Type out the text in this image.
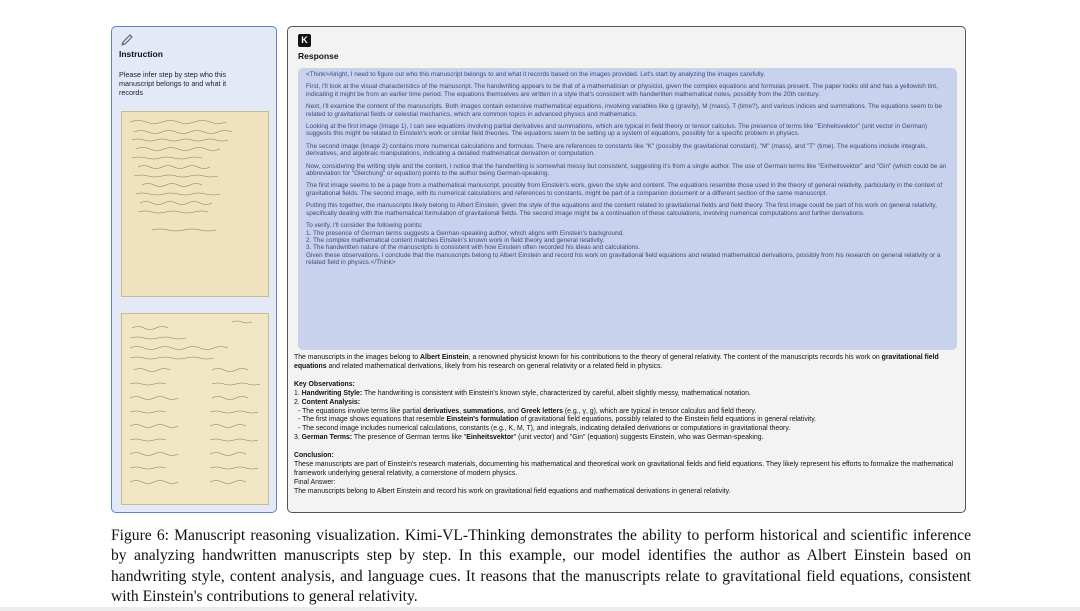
Instruction
Please infer step by step who this manuscript belongs to and what it records
K
Response

<Think>Alright, I need to figure out who this manuscript belongs to and what it records based on the images provided. Let's start by analyzing the images carefully.

First, I'll look at the visual characteristics of the manuscript. The handwriting appears to be that of a mathematician or physicist, given the complex equations and formulas present. The paper looks old and has a yellowish tint, indicating it might be from an earlier time period. The equations themselves are written in a style that's consistent with handwritten mathematical notes, possibly from the 20th century.

Next, I'll examine the content of the manuscripts. Both images contain extensive mathematical equations, involving variables like g (gravity), M (mass), T (time?), and various indices and summations. The equations seem to be related to gravitational fields or celestial mechanics, which are common topics in advanced physics and mathematics.

Looking at the first image (Image 1), I can see equations involving partial derivatives and summations, which are typical in field theory or tensor calculus. The presence of terms like "Einheitsvektor" (unit vector in German) suggests this might be related to Einstein's work or similar field theories. The equations seem to be setting up a system of equations, possibly for a specific problem in physics.

The second image (Image 2) contains more numerical calculations and formulas. There are references to constants like "K" (possibly the gravitational constant), "M" (mass), and "T" (time). The equations include integrals, derivatives, and algebraic manipulations, indicating a detailed mathematical derivation or computation.

Now, considering the writing style and the content, I notice that the handwriting is somewhat messy but consistent, suggesting it's from a single author. The use of German terms like "Einheitsvektor" and "Gin" (which could be an abbreviation for "Gleichung" or equation) points to the author being German-speaking.

The first image seems to be a page from a mathematical manuscript, possibly from Einstein's work, given the style and content. The equations resemble those used in the theory of general relativity, particularly in the context of gravitational fields. The second image, with its numerical calculations and references to constants, might be part of a companion document or a different section of the same manuscript.

Putting this together, the manuscripts likely belong to Albert Einstein, given the style of the equations and the content related to gravitational fields and field theory. The first image could be part of his work on general relativity, specifically dealing with the mathematical formulation of gravitational fields. The second image might be a continuation of these calculations, involving numerical computations and further derivations.

To verify, I'll consider the following points:
1. The presence of German terms suggests a German-speaking author, which aligns with Einstein's background.
2. The complex mathematical content matches Einstein's known work in field theory and general relativity.
3. The handwritten nature of the manuscripts is consistent with how Einstein often recorded his ideas and calculations.
Given these observations, I conclude that the manuscripts belong to Albert Einstein and record his work on gravitational field equations and related mathematical derivations, possibly from his research on general relativity or a related field in physics.</Think>

The manuscripts in the images belong to Albert Einstein, a renowned physicist known for his contributions to the theory of general relativity. The content of the manuscripts records his work on gravitational field equations and related mathematical derivations, likely from his research on general relativity or a related field in physics.

Key Observations:

1. Handwriting Style: The handwriting is consistent with Einstein's known style, characterized by careful, albeit slightly messy, mathematical notation.

2. Content Analysis:

- The equations involve terms like partial derivatives, summations, and Greek letters (e.g., γ, g), which are typical in tensor calculus and field theory.

- The first image shows equations that resemble Einstein's formulation of gravitational field equations, possibly related to the Einstein field equations in general relativity.

- The second image includes numerical calculations, constants (e.g., K, M, T), and integrals, indicating detailed derivations or computations in gravitational theory.

3. German Terms: The presence of German terms like "Einheitsvektor" (unit vector) and "Gin" (equation) suggests Einstein, who was German-speaking.

Conclusion:

These manuscripts are part of Einstein's research materials, documenting his mathematical and theoretical work on gravitational fields and field equations. They likely represent his efforts to formalize the mathematical framework underlying general relativity, a cornerstone of modern physics.

Final Answer:

The manuscripts belong to Albert Einstein and record his work on gravitational field equations and mathematical derivations in general relativity.

Figure 6: Manuscript reasoning visualization. Kimi-VL-Thinking demonstrates the ability to perform historical and scientific inference by analyzing handwritten manuscripts step by step. In this example, our model identifies the author as Albert Einstein based on handwriting style, content analysis, and language cues. It reasons that the manuscripts relate to gravitational field equations, consistent with Einstein's contributions to general relativity.
